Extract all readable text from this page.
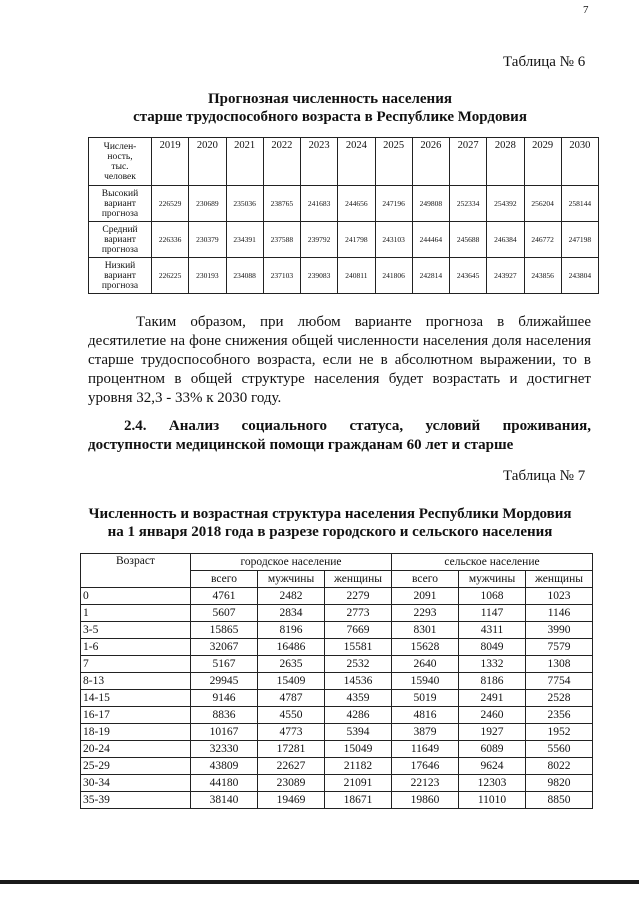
7
Таблица № 6
Прогнозная численность населения
старше трудоспособного возраста в Республике Мордовия
Числен-
ность,
тыс.
человек	2019	2020	2021	2022	2023	2024	2025	2026	2027	2028	2029	2030

Высокий
вариант
прогноза	226529	230689	235036	238765	241683	244656	247196	249808	252334	254392	256204	258144

Средний
вариант
прогноза	226336	230379	234391	237588	239792	241798	243103	244464	245688	246384	246772	247198

Низкий
вариант
прогноза	226225	230193	234088	237103	239083	240811	241806	242814	243645	243927	243856	243804
Таким образом, при любом варианте прогноза в ближайшее
десятилетие на фоне снижения общей численности населения доля населения
старше трудоспособного возраста, если не в абсолютном выражении, то в
процентном в общей структуре населения будет возрастать и достигнет
уровня 32,3 - 33% к 2030 году.
2.4. Анализ социального статуса, условий проживания,
доступности медицинской помощи гражданам 60 лет и старше
Таблица № 7
Численность и возрастная структура населения Республики Мордовия
на 1 января 2018 года в разрезе городского и сельского населения
Возраст	городское население			сельское население		
	всего	мужчины	женщины	всего	мужчины	женщины
0	4761	2482	2279	2091	1068	1023
1	5607	2834	2773	2293	1147	1146
3-5	15865	8196	7669	8301	4311	3990
1-6	32067	16486	15581	15628	8049	7579
7	5167	2635	2532	2640	1332	1308
8-13	29945	15409	14536	15940	8186	7754
14-15	9146	4787	4359	5019	2491	2528
16-17	8836	4550	4286	4816	2460	2356
18-19	10167	4773	5394	3879	1927	1952
20-24	32330	17281	15049	11649	6089	5560
25-29	43809	22627	21182	17646	9624	8022
30-34	44180	23089	21091	22123	12303	9820
35-39	38140	19469	18671	19860	11010	8850
